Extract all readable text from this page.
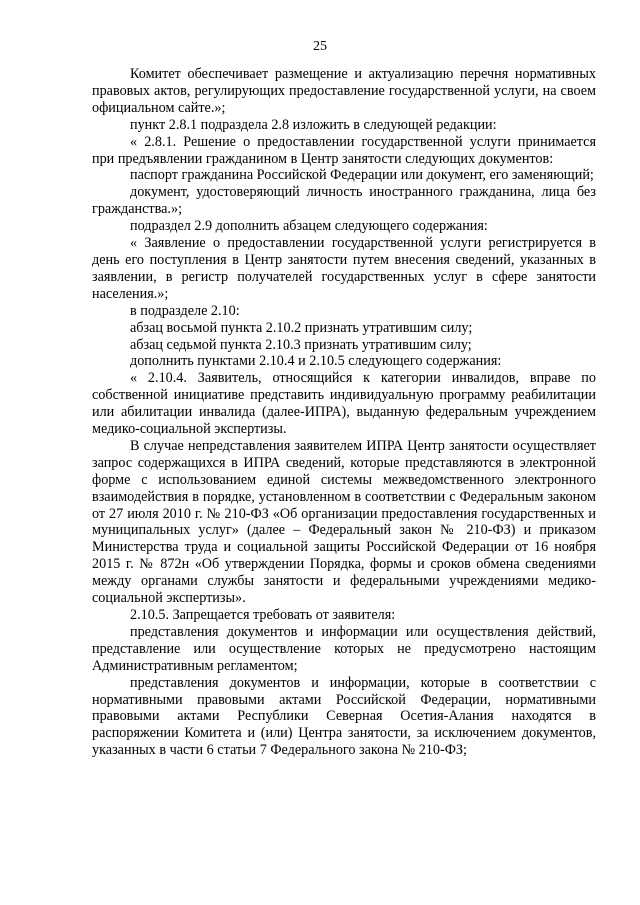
25

Комитет обеспечивает размещение и актуализацию перечня нормативных правовых актов, регулирующих предоставление государственной услуги, на своем официальном сайте.»;

пункт 2.8.1 подраздела 2.8 изложить в следующей редакции:

« 2.8.1. Решение о предоставлении государственной услуги принимается при предъявлении гражданином в Центр занятости следующих документов:

паспорт гражданина Российской Федерации или документ, его заменяющий;

документ, удостоверяющий личность иностранного гражданина, лица без гражданства.»;

подраздел 2.9 дополнить абзацем следующего содержания:

« Заявление о предоставлении государственной услуги регистрируется в день его поступления в Центр занятости путем внесения сведений, указанных в заявлении, в регистр получателей государственных услуг в сфере занятости населения.»;

в подразделе 2.10:

абзац восьмой пункта 2.10.2 признать утратившим силу;

абзац седьмой пункта 2.10.3 признать утратившим силу;

дополнить пунктами 2.10.4 и 2.10.5 следующего содержания:

« 2.10.4. Заявитель, относящийся к категории инвалидов, вправе по собственной инициативе представить индивидуальную программу реабилитации или абилитации инвалида (далее-ИПРА), выданную федеральным учреждением медико-социальной экспертизы.

В случае непредставления заявителем ИПРА Центр занятости осуществляет запрос содержащихся в ИПРА сведений, которые представляются в электронной форме с использованием единой системы межведомственного электронного взаимодействия в порядке, установленном в соответствии с Федеральным законом от 27 июля 2010 г. № 210-ФЗ «Об организации предоставления государственных и муниципальных услуг» (далее – Федеральный закон № 210-ФЗ) и приказом Министерства труда и социальной защиты Российской Федерации от 16 ноября 2015 г. № 872н «Об утверждении Порядка, формы и сроков обмена сведениями между органами службы занятости и федеральными учреждениями медико-социальной экспертизы».

2.10.5. Запрещается требовать от заявителя:

представления документов и информации или осуществления действий, представление или осуществление которых не предусмотрено настоящим Административным регламентом;

представления документов и информации, которые в соответствии с нормативными правовыми актами Российской Федерации, нормативными правовыми актами Республики Северная Осетия-Алания находятся в распоряжении Комитета и (или) Центра занятости, за исключением документов, указанных в части 6 статьи 7 Федерального закона № 210-ФЗ;
